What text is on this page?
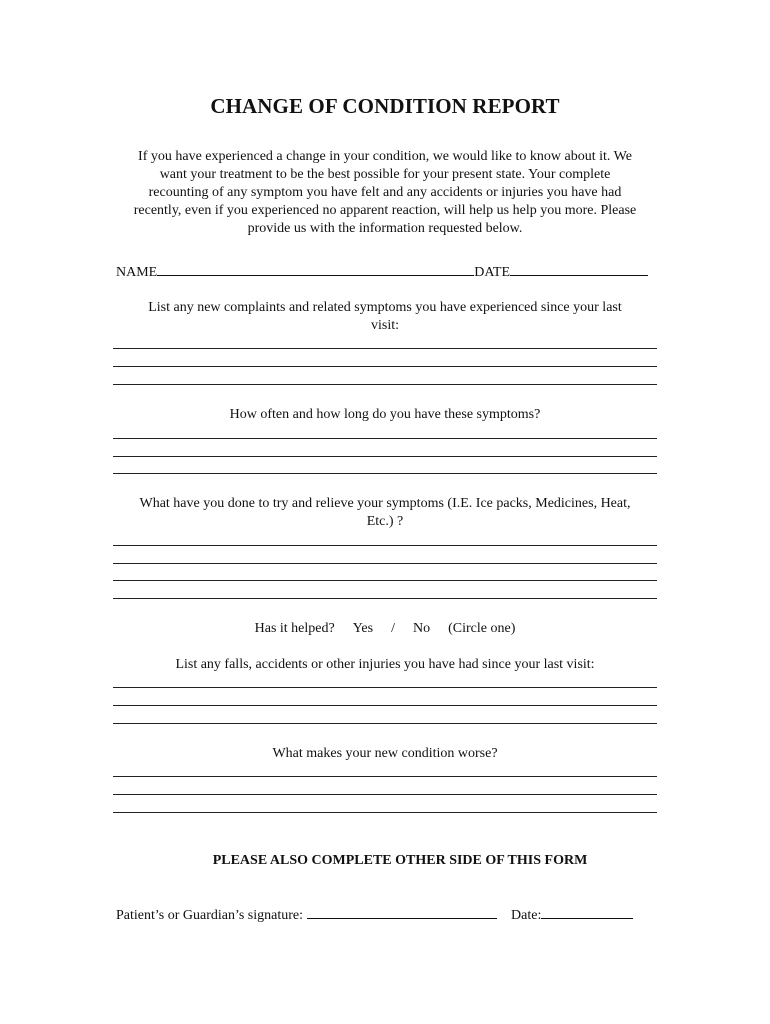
CHANGE OF CONDITION REPORT
If you have experienced a change in your condition, we would like to know about it. We
want your treatment to be the best possible for your present state. Your complete
recounting of any symptom you have felt and any accidents or injuries you have had
recently, even if you experienced no apparent reaction, will help us help you more. Please
provide us with the information requested below.
NAME	DATE
List any new complaints and related symptoms you have experienced since your last
visit:
How often and how long do you have these symptoms?
What have you done to try and relieve your symptoms (I.E. Ice packs, Medicines, Heat,
Etc.) ?
Has it helped? Yes / No (Circle one)
List any falls, accidents or other injuries you have had since your last visit:
What makes your new condition worse?
PLEASE ALSO COMPLETE OTHER SIDE OF THIS FORM
Patient’s or Guardian’s signature:	Date:
